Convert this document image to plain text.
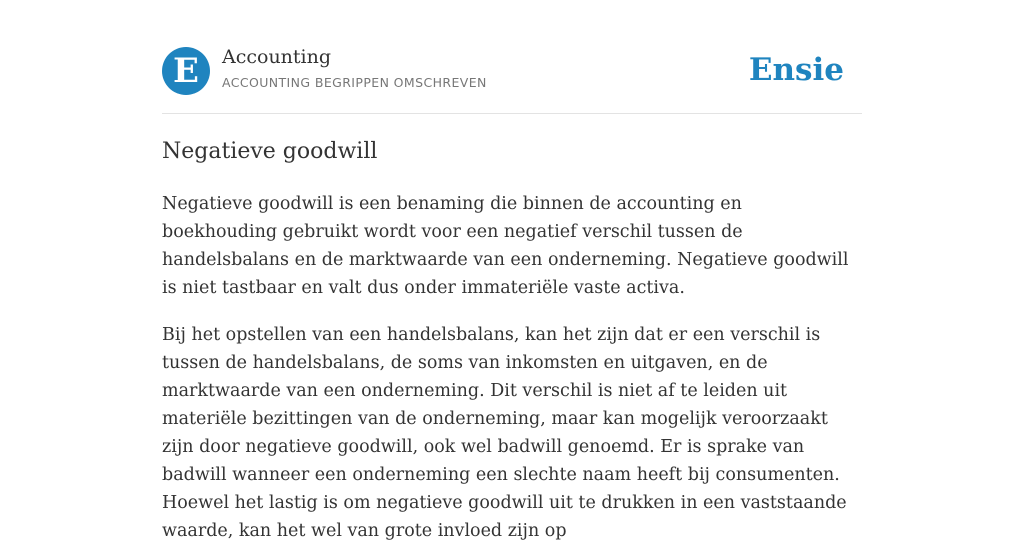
E	Accounting
ACCOUNTING BEGRIPPEN OMSCHREVEN	Ensie
Negatieve goodwill

Negatieve goodwill is een benaming die binnen de accounting en boekhouding gebruikt wordt voor een negatief verschil tussen de handelsbalans en de marktwaarde van een onderneming. Negatieve goodwill is niet tastbaar en valt dus onder immateriële vaste activa.

Bij het opstellen van een handelsbalans, kan het zijn dat er een verschil is tussen de handelsbalans, de soms van inkomsten en uitgaven, en de marktwaarde van een onderneming. Dit verschil is niet af te leiden uit materiële bezittingen van de onderneming, maar kan mogelijk veroorzaakt zijn door negatieve goodwill, ook wel badwill genoemd. Er is sprake van badwill wanneer een onderneming een slechte naam heeft bij consumenten. Hoewel het lastig is om negatieve goodwill uit te drukken in een vaststaande waarde, kan het wel van grote invloed zijn op
